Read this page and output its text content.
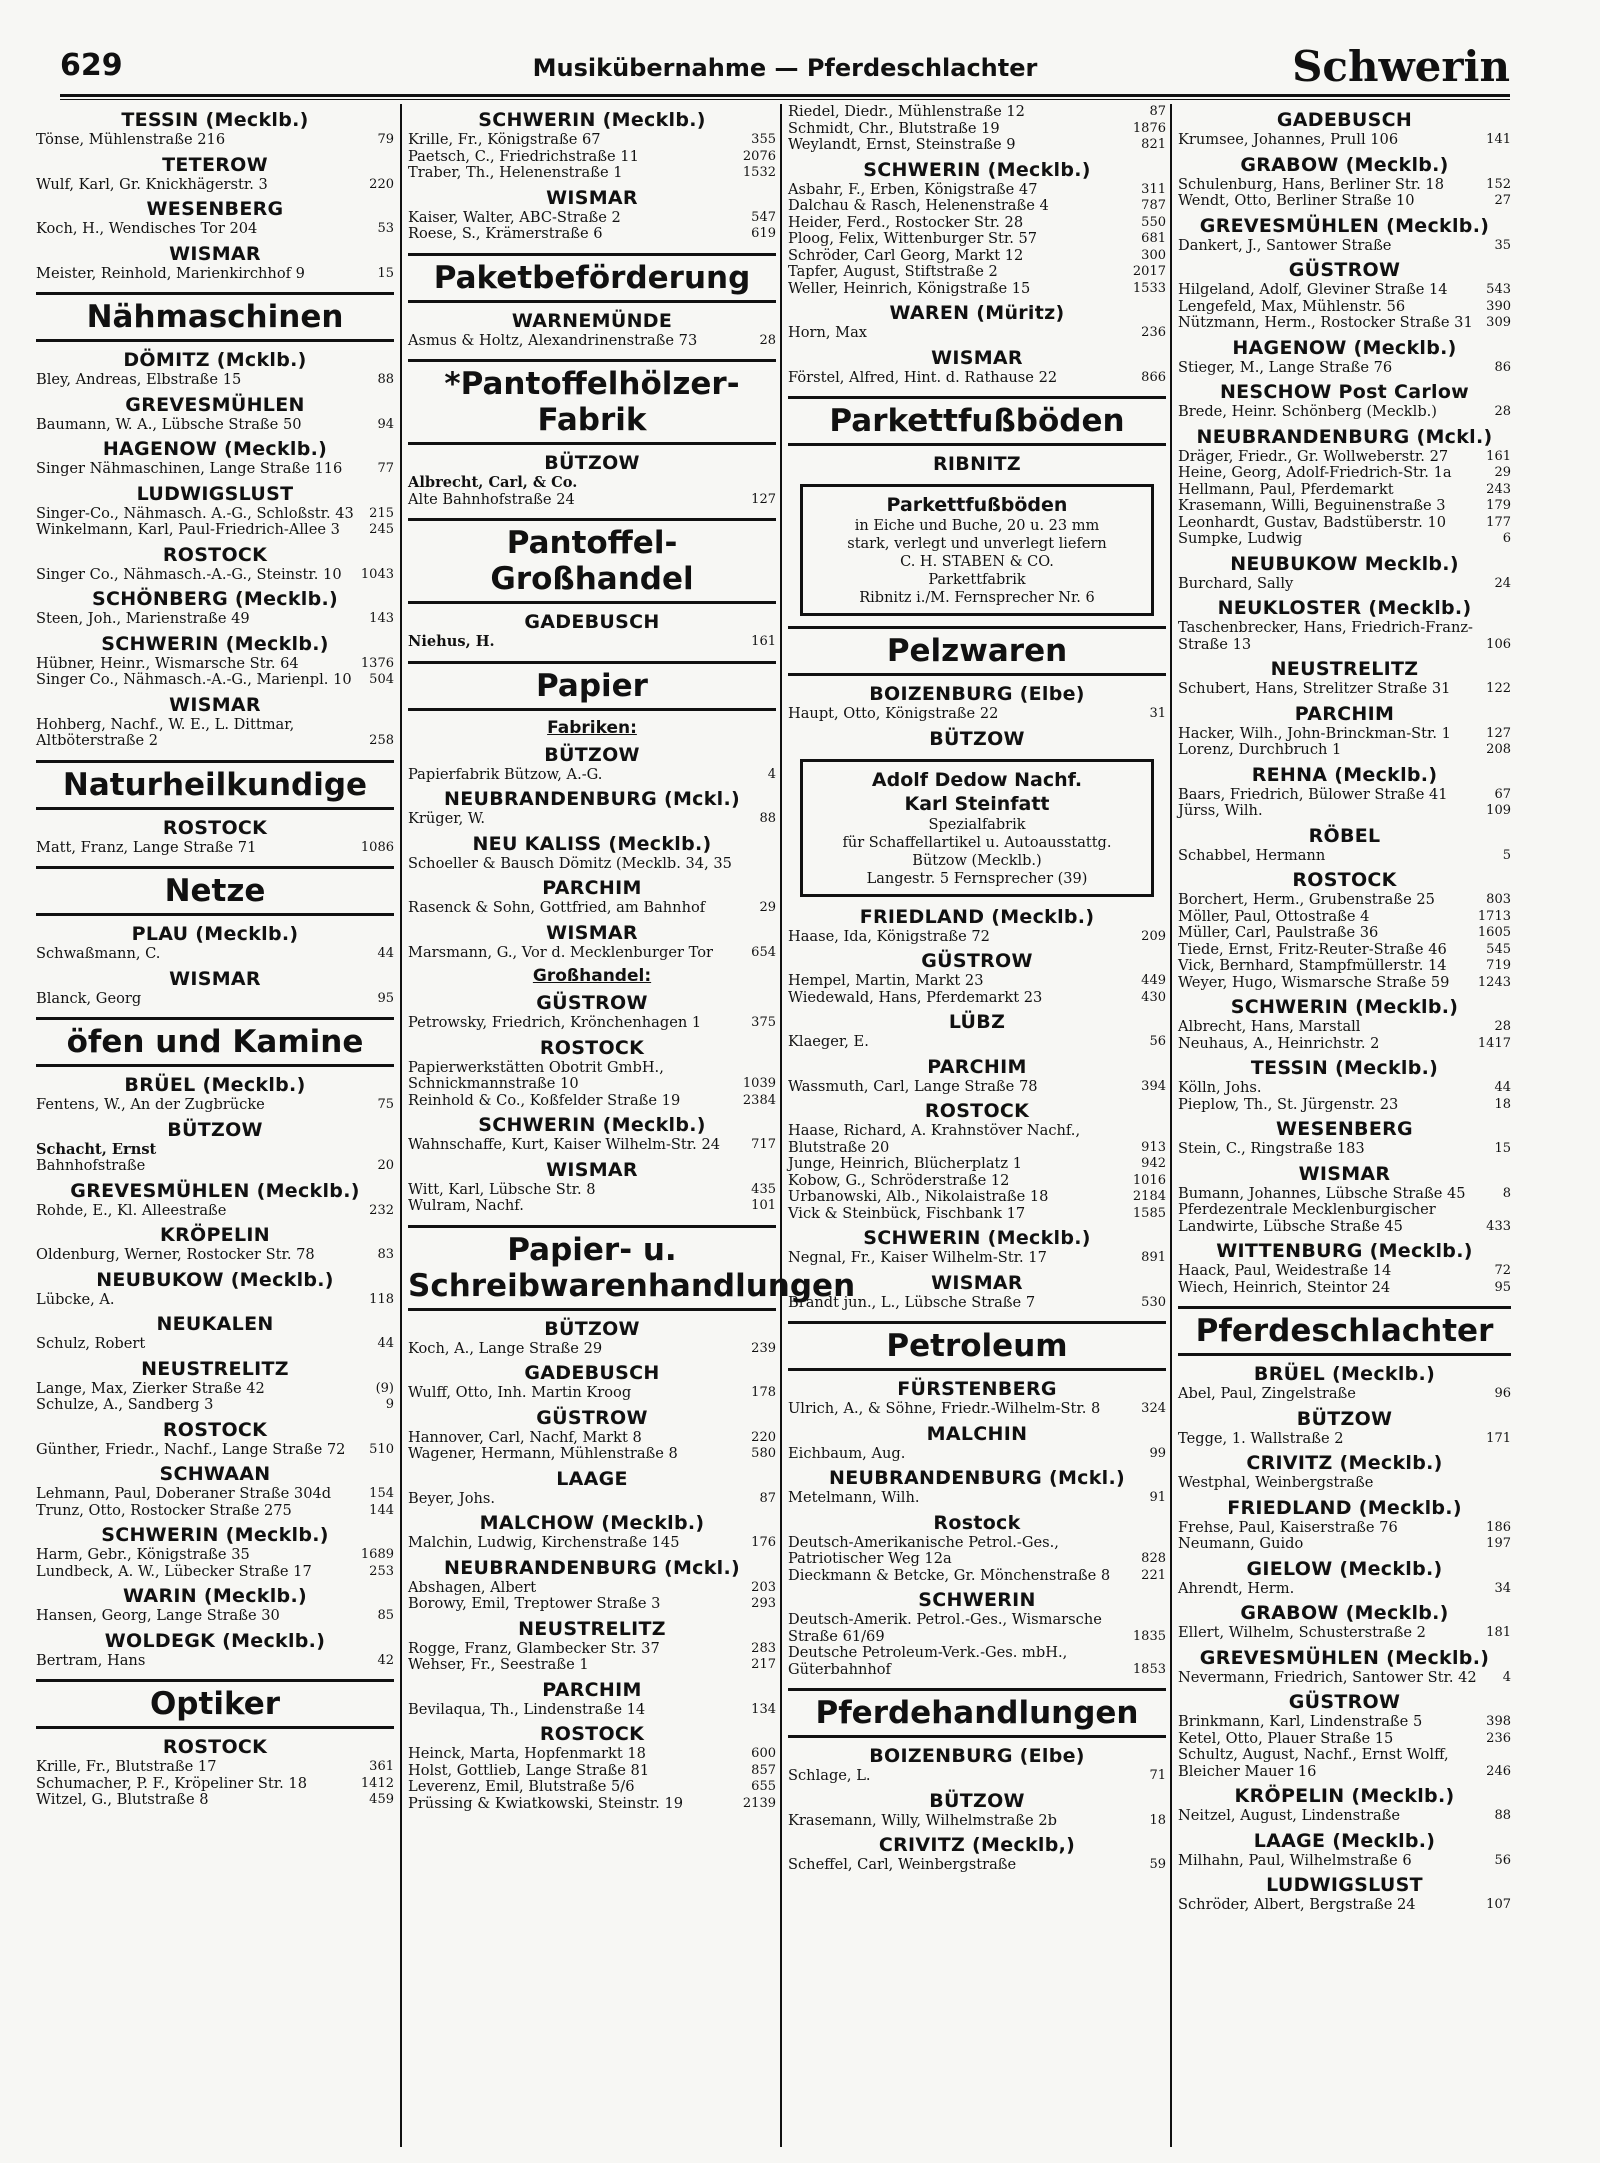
629	Musikübernahme — Pferdeschlachter	Schwerin
TESSIN (Mecklb.)
Tönse, Mühlenstraße 216	79
TETEROW
Wulf, Karl, Gr. Knickhägerstr. 3	220
WESENBERG
Koch, H., Wendisches Tor 204	53
WISMAR
Meister, Reinhold, Marienkirchhof 9	15
Nähmaschinen
DÖMITZ (Mcklb.)
Bley, Andreas, Elbstraße 15	88
GREVESMÜHLEN
Baumann, W. A., Lübsche Straße 50	94
HAGENOW (Mecklb.)
Singer Nähmaschinen, Lange Straße 116	77
LUDWIGSLUST
Singer-Co., Nähmasch. A.-G., Schloßstr. 43	215
Winkelmann, Karl, Paul-Friedrich-Allee 3	245
ROSTOCK
Singer Co., Nähmasch.-A.-G., Steinstr. 10	1043
SCHÖNBERG (Mecklb.)
Steen, Joh., Marienstraße 49	143
SCHWERIN (Mecklb.)
Hübner, Heinr., Wismarsche Str. 64	1376
Singer Co., Nähmasch.-A.-G., Marienpl. 10	504
WISMAR
Hohberg, Nachf., W. E., L. Dittmar, Altböterstraße 2	258
Naturheilkundige
ROSTOCK
Matt, Franz, Lange Straße 71	1086
Netze
PLAU (Mecklb.)
Schwaßmann, C.	44
WISMAR
Blanck, Georg	95
öfen und Kamine
BRÜEL (Mecklb.)
Fentens, W., An der Zugbrücke	75
BÜTZOW
Schacht, Ernst
Bahnhofstraße	20
GREVESMÜHLEN (Mecklb.)
Rohde, E., Kl. Alleestraße	232
KRÖPELIN
Oldenburg, Werner, Rostocker Str. 78	83
NEUBUKOW (Mecklb.)
Lübcke, A.	118
NEUKALEN
Schulz, Robert	44
NEUSTRELITZ
Lange, Max, Zierker Straße 42	(9)
Schulze, A., Sandberg 3	9
ROSTOCK
Günther, Friedr., Nachf., Lange Straße 72	510
SCHWAAN
Lehmann, Paul, Doberaner Straße 304d	154
Trunz, Otto, Rostocker Straße 275	144
SCHWERIN (Mecklb.)
Harm, Gebr., Königstraße 35	1689
Lundbeck, A. W., Lübecker Straße 17	253
WARIN (Mecklb.)
Hansen, Georg, Lange Straße 30	85
WOLDEGK (Mecklb.)
Bertram, Hans	42
Optiker
ROSTOCK
Krille, Fr., Blutstraße 17	361
Schumacher, P. F., Kröpeliner Str. 18	1412
Witzel, G., Blutstraße 8	459
SCHWERIN (Mecklb.)
Krille, Fr., Königstraße 67	355
Paetsch, C., Friedrichstraße 11	2076
Traber, Th., Helenenstraße 1	1532
WISMAR
Kaiser, Walter, ABC-Straße 2	547
Roese, S., Krämerstraße 6	619
Paketbeförderung
WARNEMÜNDE
Asmus & Holtz, Alexandrinenstraße 73	28
*Pantoffelhölzer-Fabrik
BÜTZOW
Albrecht, Carl, & Co.
Alte Bahnhofstraße 24	127
Pantoffel-Großhandel
GADEBUSCH
Niehus, H.	161
Papier
Fabriken:
BÜTZOW
Papierfabrik Bützow, A.-G.	4
NEUBRANDENBURG (Mckl.)
Krüger, W.	88
NEU KALISS (Mecklb.)
Schoeller & Bausch Dömitz (Mecklb. 34, 35
PARCHIM
Rasenck & Sohn, Gottfried, am Bahnhof	29
WISMAR
Marsmann, G., Vor d. Mecklenburger Tor	654
Großhandel:
GÜSTROW
Petrowsky, Friedrich, Krönchenhagen 1	375
ROSTOCK
Papierwerkstätten Obotrit GmbH., Schnickmannstraße 10	1039
Reinhold & Co., Koßfelder Straße 19	2384
SCHWERIN (Mecklb.)
Wahnschaffe, Kurt, Kaiser Wilhelm-Str. 24	717
WISMAR
Witt, Karl, Lübsche Str. 8	435
Wulram, Nachf.	101
Papier- u. Schreibwarenhandlungen
BÜTZOW
Koch, A., Lange Straße 29	239
GADEBUSCH
Wulff, Otto, Inh. Martin Kroog	178
GÜSTROW
Hannover, Carl, Nachf, Markt 8	220
Wagener, Hermann, Mühlenstraße 8	580
LAAGE
Beyer, Johs.	87
MALCHOW (Mecklb.)
Malchin, Ludwig, Kirchenstraße 145	176
NEUBRANDENBURG (Mckl.)
Abshagen, Albert	203
Borowy, Emil, Treptower Straße 3	293
NEUSTRELITZ
Rogge, Franz, Glambecker Str. 37	283
Wehser, Fr., Seestraße 1	217
PARCHIM
Bevilaqua, Th., Lindenstraße 14	134
ROSTOCK
Heinck, Marta, Hopfenmarkt 18	600
Holst, Gottlieb, Lange Straße 81	857
Leverenz, Emil, Blutstraße 5/6	655
Prüssing & Kwiatkowski, Steinstr. 19	2139
Riedel, Diedr., Mühlenstraße 12	87
Schmidt, Chr., Blutstraße 19	1876
Weylandt, Ernst, Steinstraße 9	821
SCHWERIN (Mecklb.)
Asbahr, F., Erben, Königstraße 47	311
Dalchau & Rasch, Helenenstraße 4	787
Heider, Ferd., Rostocker Str. 28	550
Ploog, Felix, Wittenburger Str. 57	681
Schröder, Carl Georg, Markt 12	300
Tapfer, August, Stiftstraße 2	2017
Weller, Heinrich, Königstraße 15	1533
WAREN (Müritz)
Horn, Max	236
WISMAR
Förstel, Alfred, Hint. d. Rathause 22	866
Parkettfußböden
RIBNITZ
Parkettfußböden
in Eiche und Buche, 20 u. 23 mm
stark, verlegt und unverlegt liefern
C. H. STABEN & CO.
Parkettfabrik
Ribnitz i./M. Fernsprecher Nr. 6
Pelzwaren
BOIZENBURG (Elbe)
Haupt, Otto, Königstraße 22	31
BÜTZOW
Adolf Dedow Nachf.
Karl Steinfatt
Spezialfabrik
für Schaffellartikel u. Autoausstattg.
Bützow (Mecklb.)
Langestr. 5 Fernsprecher (39)
FRIEDLAND (Mecklb.)
Haase, Ida, Königstraße 72	209
GÜSTROW
Hempel, Martin, Markt 23	449
Wiedewald, Hans, Pferdemarkt 23	430
LÜBZ
Klaeger, E.	56
PARCHIM
Wassmuth, Carl, Lange Straße 78	394
ROSTOCK
Haase, Richard, A. Krahnstöver Nachf., Blutstraße 20	913
Junge, Heinrich, Blücherplatz 1	942
Kobow, G., Schröderstraße 12	1016
Urbanowski, Alb., Nikolaistraße 18	2184
Vick & Steinbück, Fischbank 17	1585
SCHWERIN (Mecklb.)
Negnal, Fr., Kaiser Wilhelm-Str. 17	891
WISMAR
Brandt jun., L., Lübsche Straße 7	530
Petroleum
FÜRSTENBERG
Ulrich, A., & Söhne, Friedr.-Wilhelm-Str. 8	324
MALCHIN
Eichbaum, Aug.	99
NEUBRANDENBURG (Mckl.)
Metelmann, Wilh.	91
Rostock
Deutsch-Amerikanische Petrol.-Ges., Patriotischer Weg 12a	828
Dieckmann & Betcke, Gr. Mönchenstraße 8	221
SCHWERIN
Deutsch-Amerik. Petrol.-Ges., Wismarsche Straße 61/69	1835
Deutsche Petroleum-Verk.-Ges. mbH., Güterbahnhof	1853
Pferdehandlungen
BOIZENBURG (Elbe)
Schlage, L.	71
BÜTZOW
Krasemann, Willy, Wilhelmstraße 2b	18
CRIVITZ (Mecklb,)
Scheffel, Carl, Weinbergstraße	59
GADEBUSCH
Krumsee, Johannes, Prull 106	141
GRABOW (Mecklb.)
Schulenburg, Hans, Berliner Str. 18	152
Wendt, Otto, Berliner Straße 10	27
GREVESMÜHLEN (Mecklb.)
Dankert, J., Santower Straße	35
GÜSTROW
Hilgeland, Adolf, Gleviner Straße 14	543
Lengefeld, Max, Mühlenstr. 56	390
Nützmann, Herm., Rostocker Straße 31	309
HAGENOW (Mecklb.)
Stieger, M., Lange Straße 76	86
NESCHOW Post Carlow
Brede, Heinr. Schönberg (Mecklb.)	28
NEUBRANDENBURG (Mckl.)
Dräger, Friedr., Gr. Wollweberstr. 27	161
Heine, Georg, Adolf-Friedrich-Str. 1a	29
Hellmann, Paul, Pferdemarkt	243
Krasemann, Willi, Beguinenstraße 3	179
Leonhardt, Gustav, Badstüberstr. 10	177
Sumpke, Ludwig	6
NEUBUKOW Mecklb.)
Burchard, Sally	24
NEUKLOSTER (Mecklb.)
Taschenbrecker, Hans, Friedrich-Franz-Straße 13	106
NEUSTRELITZ
Schubert, Hans, Strelitzer Straße 31	122
PARCHIM
Hacker, Wilh., John-Brinckman-Str. 1	127
Lorenz, Durchbruch 1	208
REHNA (Mecklb.)
Baars, Friedrich, Bülower Straße 41	67
Jürss, Wilh.	109
RÖBEL
Schabbel, Hermann	5
ROSTOCK
Borchert, Herm., Grubenstraße 25	803
Möller, Paul, Ottostraße 4	1713
Müller, Carl, Paulstraße 36	1605
Tiede, Ernst, Fritz-Reuter-Straße 46	545
Vick, Bernhard, Stampfmüllerstr. 14	719
Weyer, Hugo, Wismarsche Straße 59	1243
SCHWERIN (Mecklb.)
Albrecht, Hans, Marstall	28
Neuhaus, A., Heinrichstr. 2	1417
TESSIN (Mecklb.)
Kölln, Johs.	44
Pieplow, Th., St. Jürgenstr. 23	18
WESENBERG
Stein, C., Ringstraße 183	15
WISMAR
Bumann, Johannes, Lübsche Straße 45	8
Pferdezentrale Mecklenburgischer Landwirte, Lübsche Straße 45	433
WITTENBURG (Mecklb.)
Haack, Paul, Weidestraße 14	72
Wiech, Heinrich, Steintor 24	95
Pferdeschlachter
BRÜEL (Mecklb.)
Abel, Paul, Zingelstraße	96
BÜTZOW
Tegge, 1. Wallstraße 2	171
CRIVITZ (Mecklb.)
Westphal, Weinbergstraße
FRIEDLAND (Mecklb.)
Frehse, Paul, Kaiserstraße 76	186
Neumann, Guido	197
GIELOW (Mecklb.)
Ahrendt, Herm.	34
GRABOW (Mecklb.)
Ellert, Wilhelm, Schusterstraße 2	181
GREVESMÜHLEN (Mecklb.)
Nevermann, Friedrich, Santower Str. 42	4
GÜSTROW
Brinkmann, Karl, Lindenstraße 5	398
Ketel, Otto, Plauer Straße 15	236
Schultz, August, Nachf., Ernst Wolff, Bleicher Mauer 16	246
KRÖPELIN (Mecklb.)
Neitzel, August, Lindenstraße	88
LAAGE (Mecklb.)
Milhahn, Paul, Wilhelmstraße 6	56
LUDWIGSLUST
Schröder, Albert, Bergstraße 24	107
